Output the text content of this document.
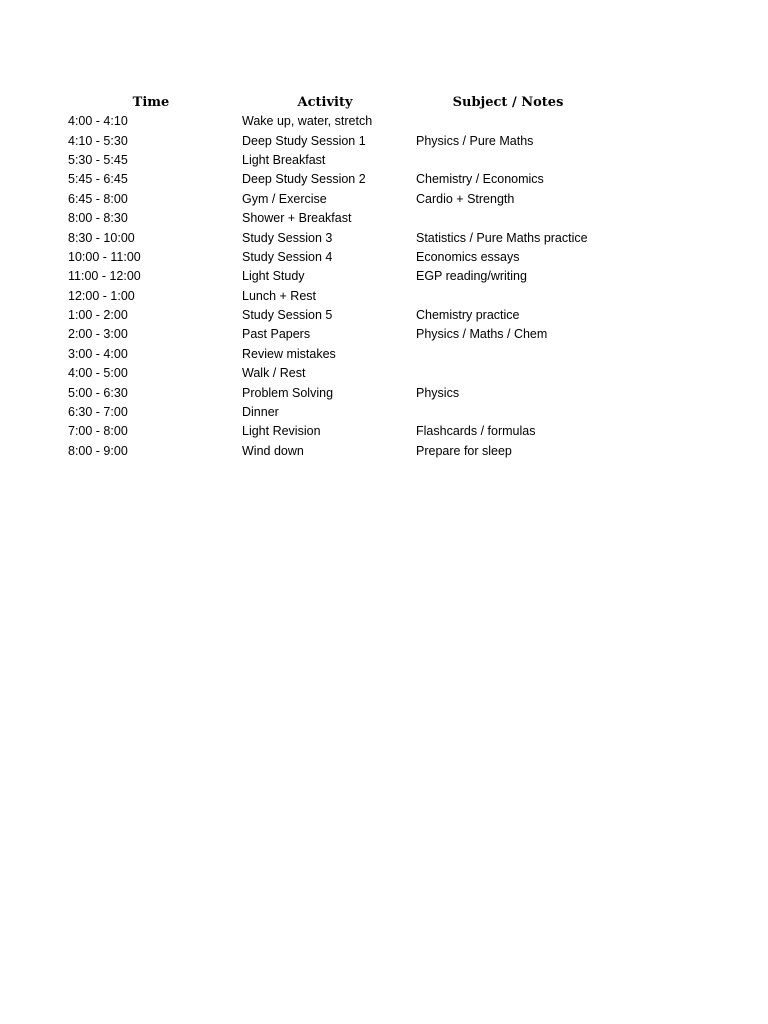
Time	Activity	Subject / Notes
4:00 - 4:10	Wake up, water, stretch
4:10 - 5:30	Deep Study Session 1	Physics / Pure Maths
5:30 - 5:45	Light Breakfast
5:45 - 6:45	Deep Study Session 2	Chemistry / Economics
6:45 - 8:00	Gym / Exercise	Cardio + Strength
8:00 - 8:30	Shower + Breakfast
8:30 - 10:00	Study Session 3	Statistics / Pure Maths practice
10:00 - 11:00	Study Session 4	Economics essays
11:00 - 12:00	Light Study	EGP reading/writing
12:00 - 1:00	Lunch + Rest
1:00 - 2:00	Study Session 5	Chemistry practice
2:00 - 3:00	Past Papers	Physics / Maths / Chem
3:00 - 4:00	Review mistakes
4:00 - 5:00	Walk / Rest
5:00 - 6:30	Problem Solving	Physics
6:30 - 7:00	Dinner
7:00 - 8:00	Light Revision	Flashcards / formulas
8:00 - 9:00	Wind down	Prepare for sleep
